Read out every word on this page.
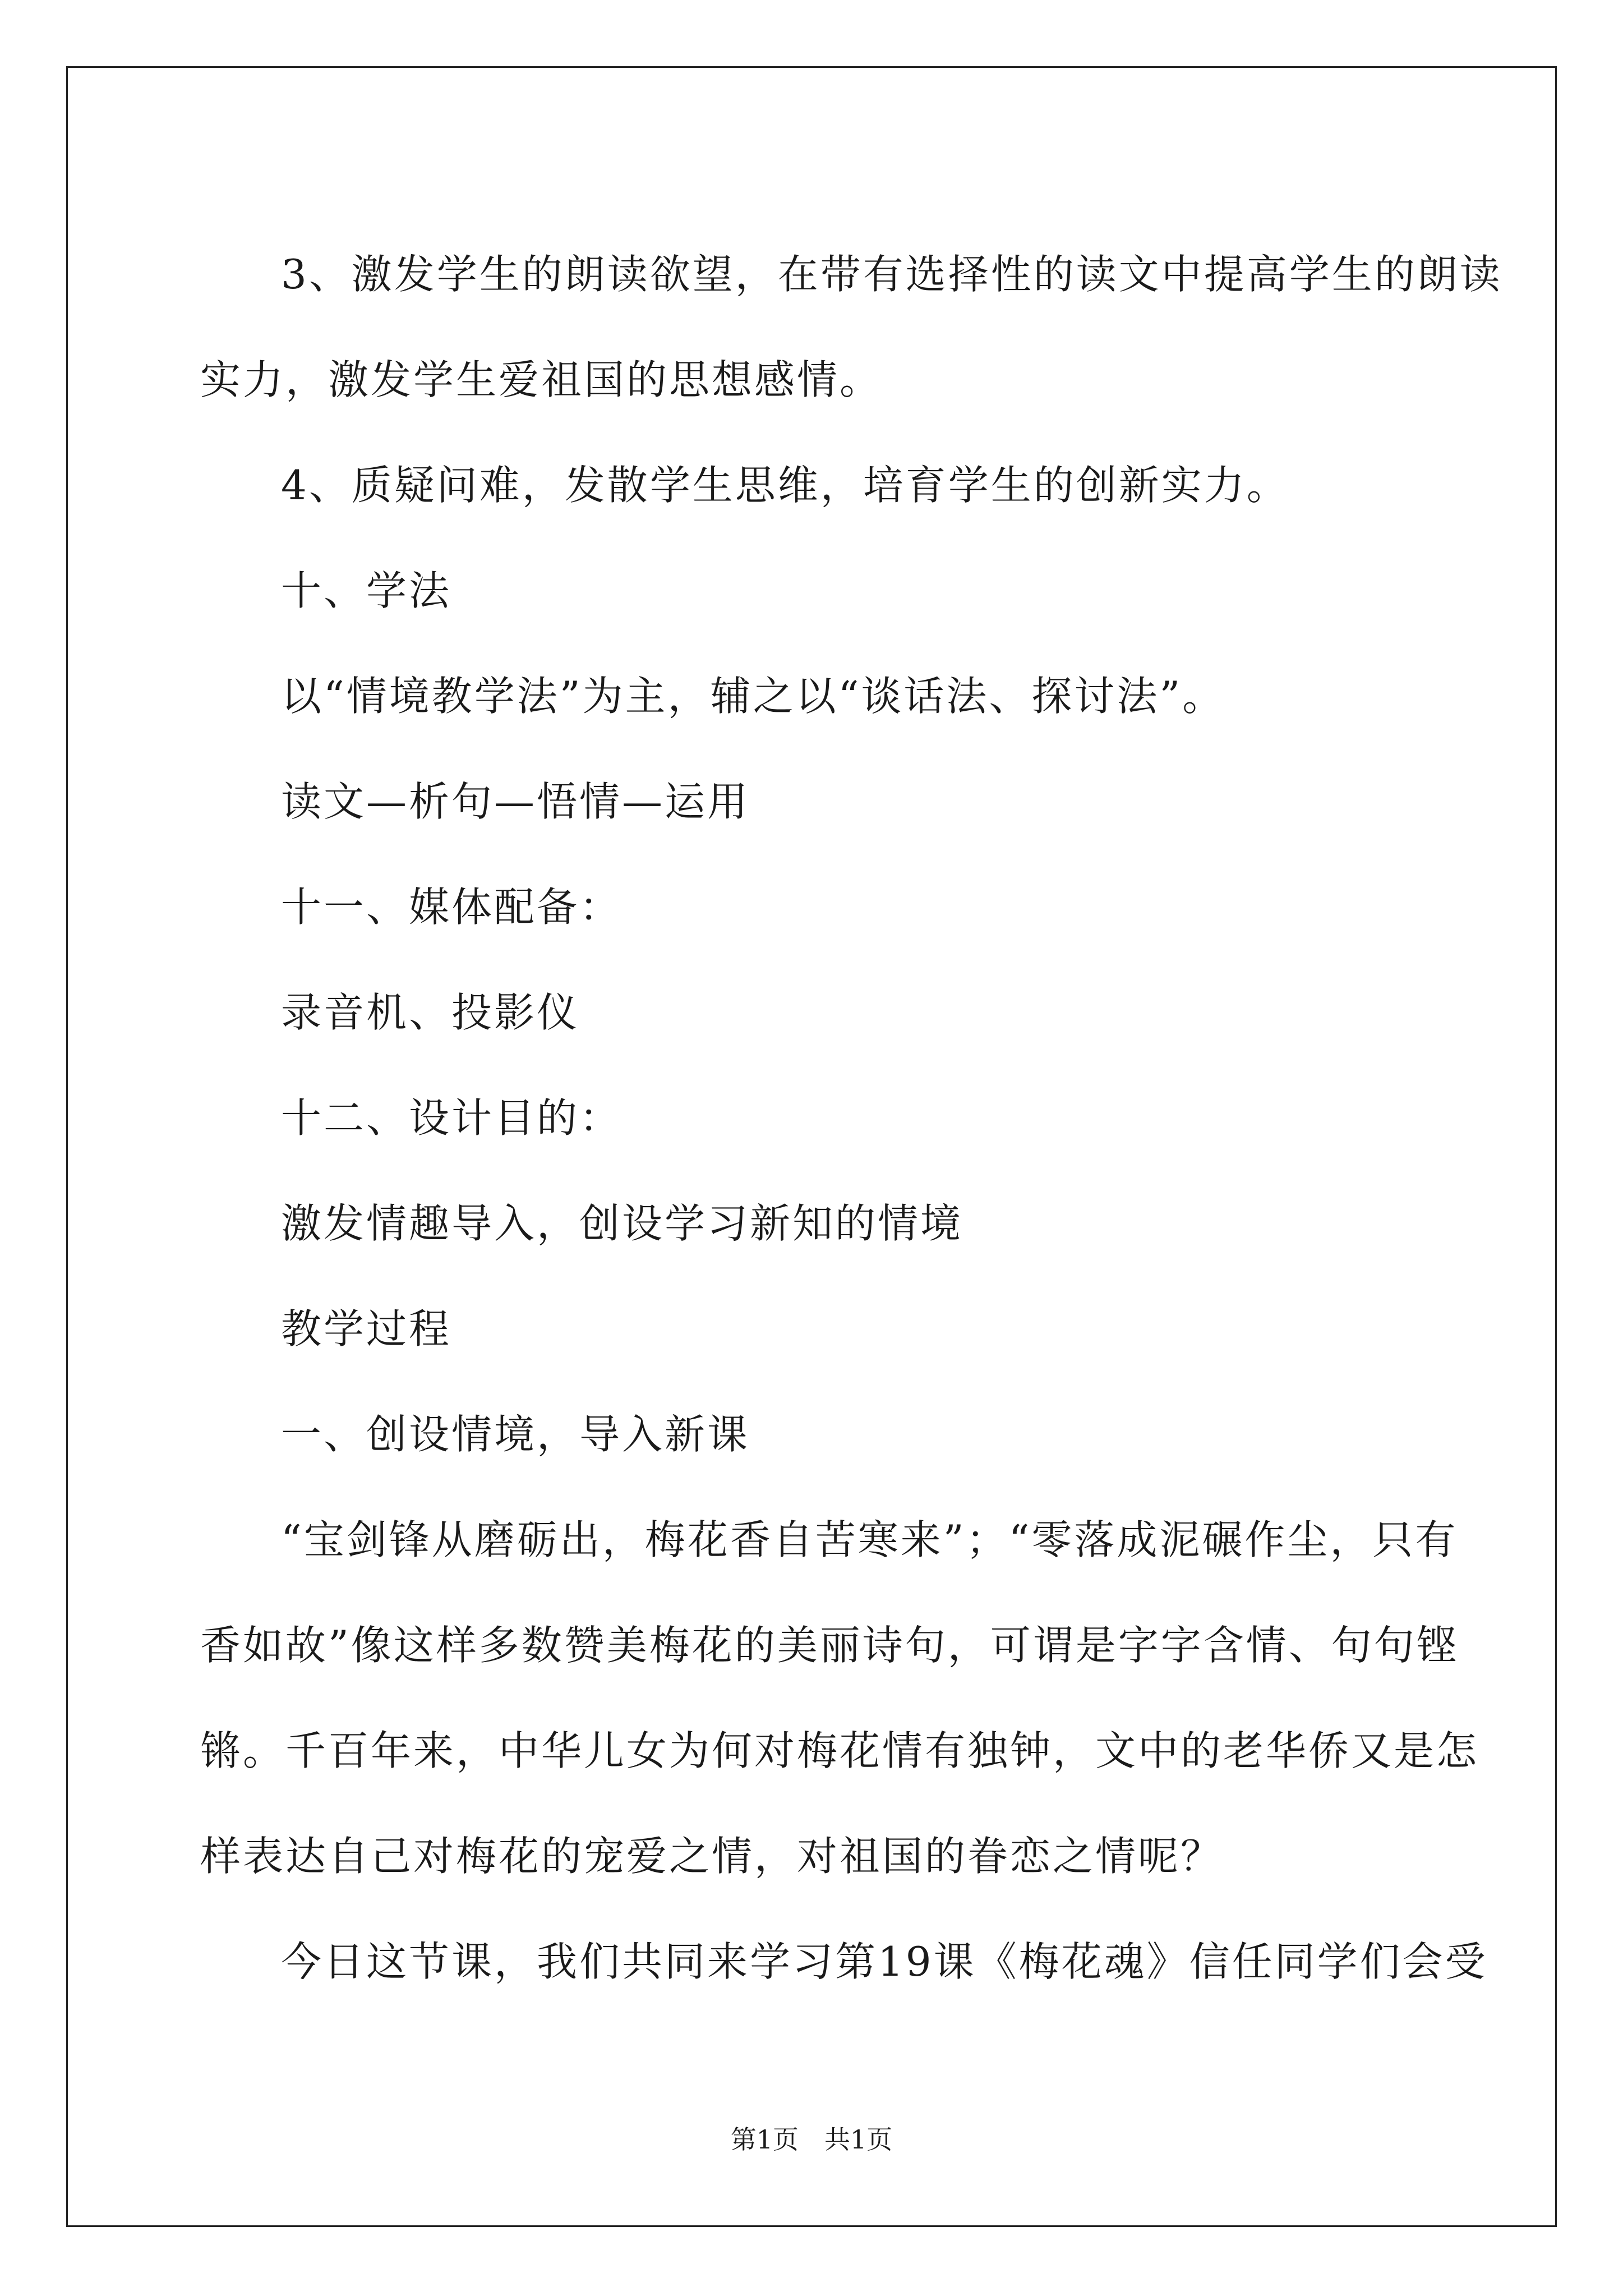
3、激发学生的朗读欲望，在带有选择性的读文中提高学生的朗读

实力，激发学生爱祖国的思想感情。

4、质疑问难，发散学生思维，培育学生的创新实力。

十、学法

以“情境教学法”为主，辅之以“谈话法、探讨法”。

读文—析句—悟情—运用

十一、媒体配备：

录音机、投影仪

十二、设计目的：

激发情趣导入，创设学习新知的情境

教学过程

一、创设情境，导入新课

“宝剑锋从磨砺出，梅花香自苦寒来”；“零落成泥碾作尘，只有

香如故”像这样多数赞美梅花的美丽诗句，可谓是字字含情、句句铿

锵。千百年来，中华儿女为何对梅花情有独钟，文中的老华侨又是怎

样表达自己对梅花的宠爱之情，对祖国的眷恋之情呢？

今日这节课，我们共同来学习第19课《梅花魂》信任同学们会受

第1页 共1页
